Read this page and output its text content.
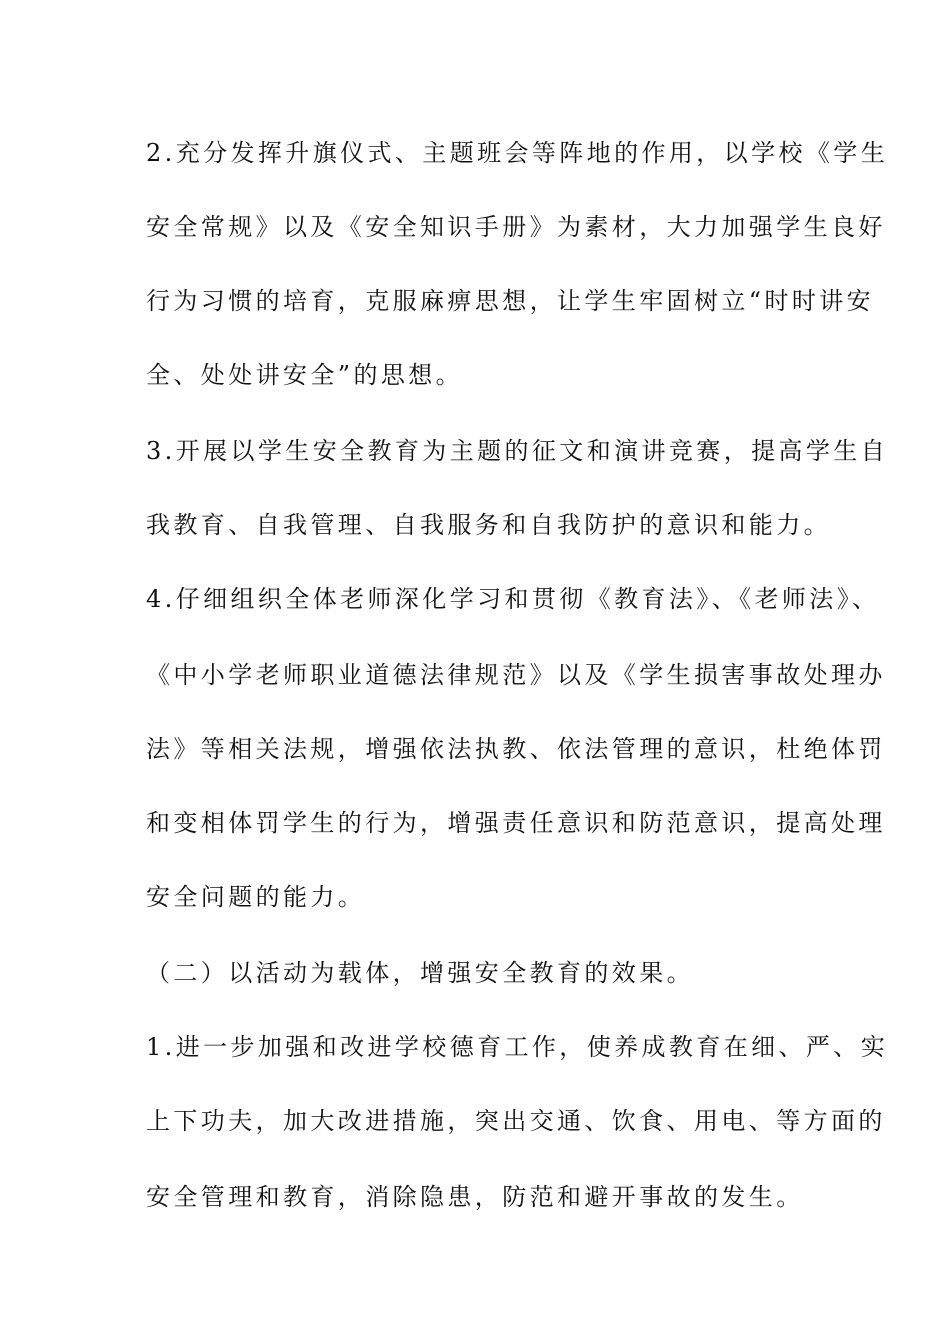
2.充分发挥升旗仪式、主题班会等阵地的作用，以学校《学生
安全常规》以及《安全知识手册》为素材，大力加强学生良好
行为习惯的培育，克服麻痹思想，让学生牢固树立“时时讲安
全、处处讲安全”的思想。
3.开展以学生安全教育为主题的征文和演讲竞赛，提高学生自
我教育、自我管理、自我服务和自我防护的意识和能力。
4.仔细组织全体老师深化学习和贯彻《教育法》、《老师法》、
《中小学老师职业道德法律规范》以及《学生损害事故处理办
法》等相关法规，增强依法执教、依法管理的意识，杜绝体罚
和变相体罚学生的行为，增强责任意识和防范意识，提高处理
安全问题的能力。
（二）以活动为载体，增强安全教育的效果。
1.进一步加强和改进学校德育工作，使养成教育在细、严、实
上下功夫，加大改进措施，突出交通、饮食、用电、等方面的
安全管理和教育，消除隐患，防范和避开事故的发生。
